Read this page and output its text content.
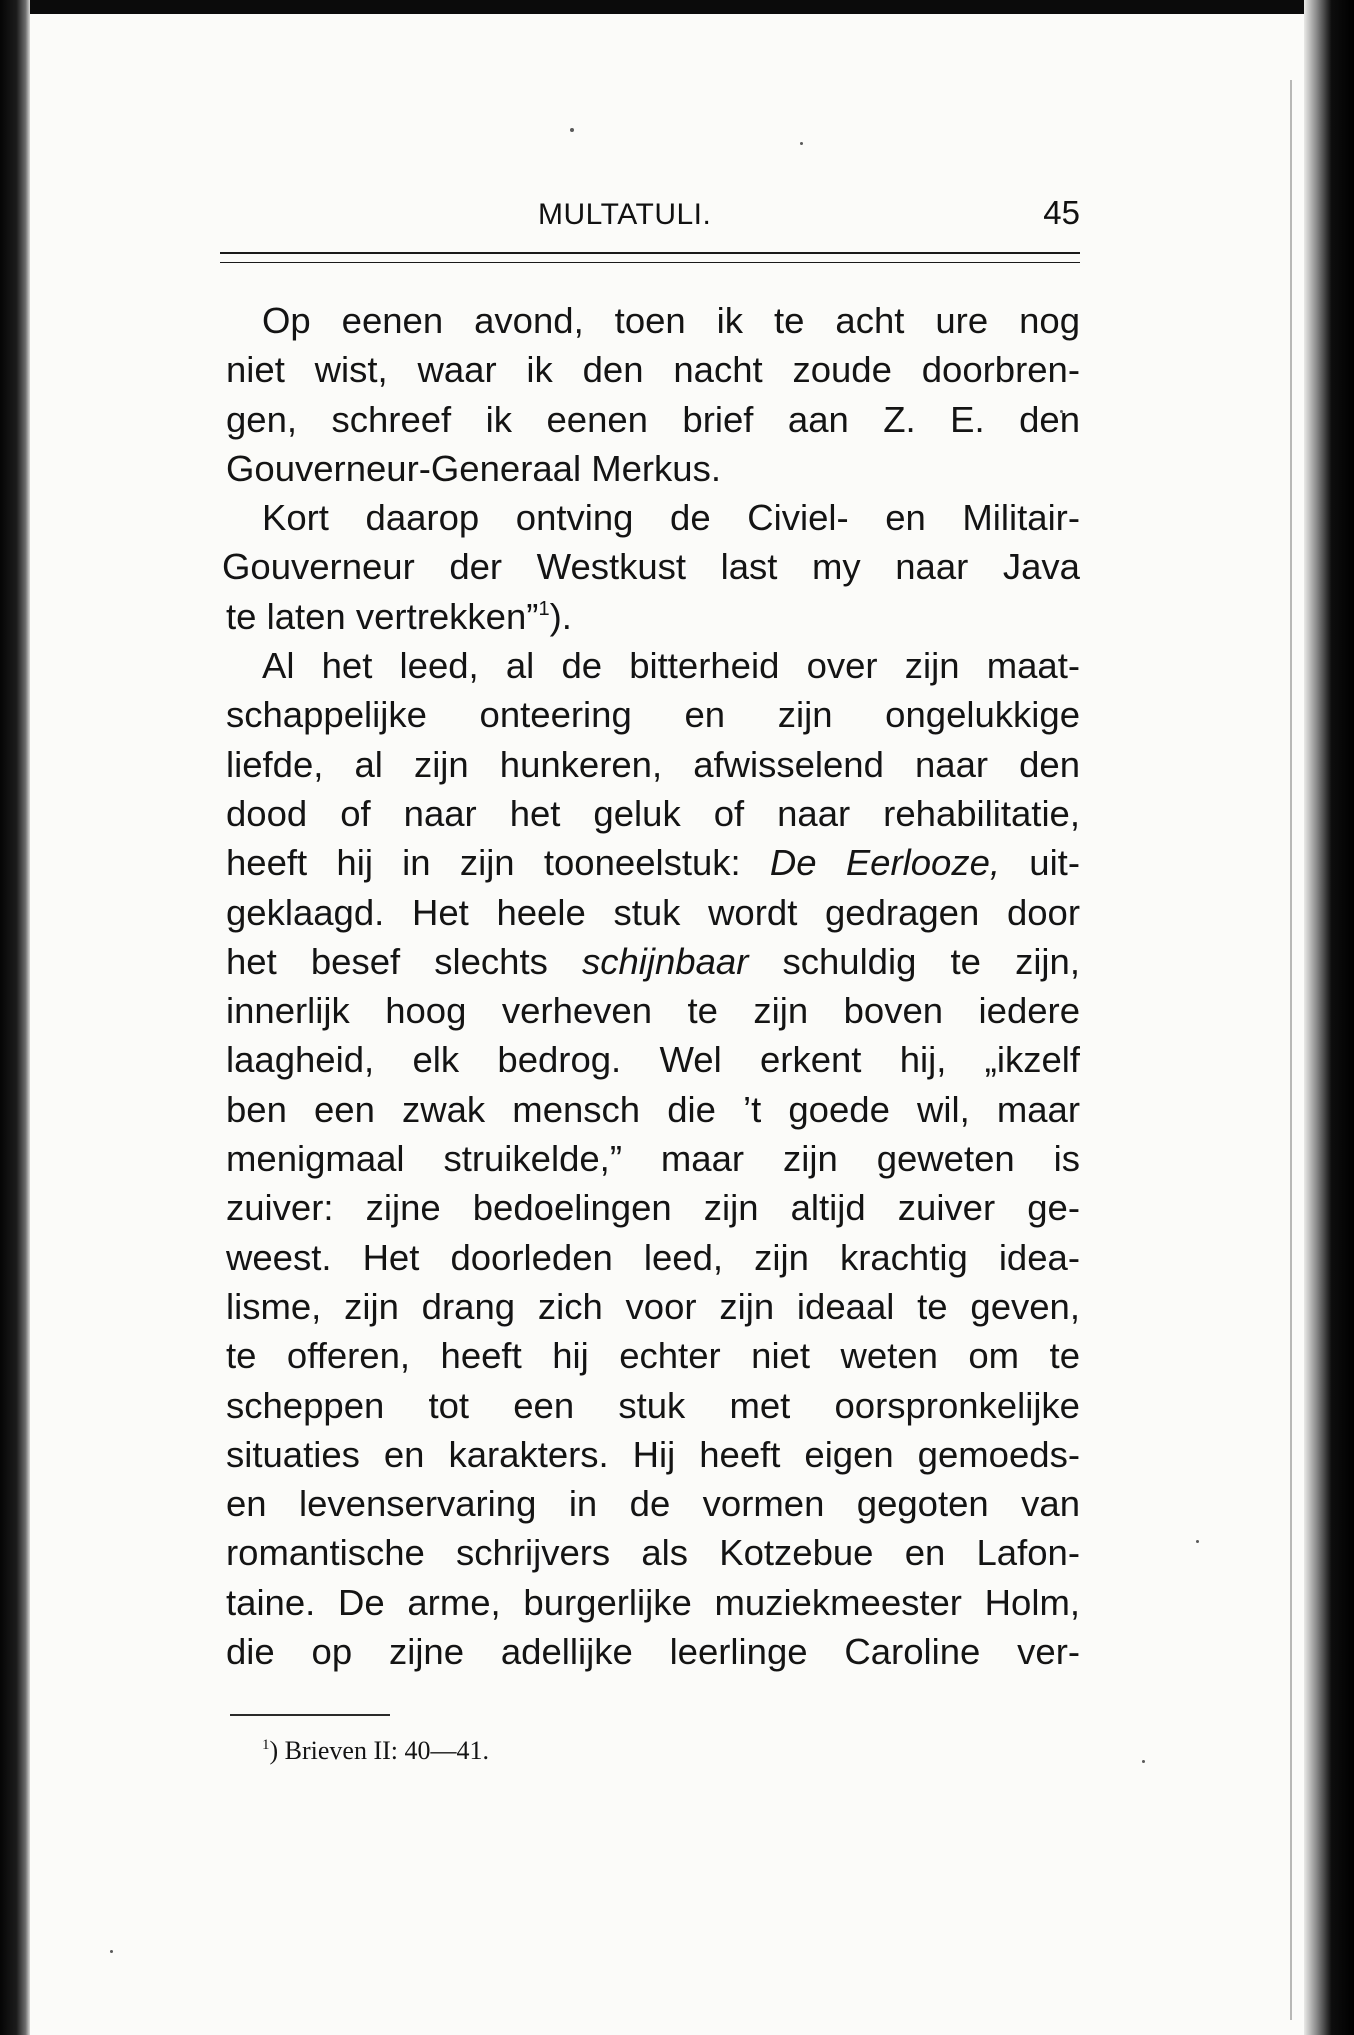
MULTATULI.	45
Op eenen avond, toen ik te acht ure nog
niet wist, waar ik den nacht zoude doorbren-
gen, schreef ik eenen brief aan Z. E. den
Gouverneur-Generaal Merkus.
Kort daarop ontving de Civiel- en Militair-
Gouverneur der Westkust last my naar Java
te laten vertrekken”$^1$).
Al het leed, al de bitterheid over zijn maat-
schappelijke onteering en zijn ongelukkige
liefde, al zijn hunkeren, afwisselend naar den
dood of naar het geluk of naar rehabilitatie,
heeft hij in zijn tooneelstuk: De Eerlooze, uit-
geklaagd. Het heele stuk wordt gedragen door
het besef slechts schijnbaar schuldig te zijn,
innerlijk hoog verheven te zijn boven iedere
laagheid, elk bedrog. Wel erkent hij, „ikzelf
ben een zwak mensch die ’t goede wil, maar
menigmaal struikelde,” maar zijn geweten is
zuiver: zijne bedoelingen zijn altijd zuiver ge-
weest. Het doorleden leed, zijn krachtig idea-
lisme, zijn drang zich voor zijn ideaal te geven,
te offeren, heeft hij echter niet weten om te
scheppen tot een stuk met oorspronkelijke
situaties en karakters. Hij heeft eigen gemoeds-
en levenservaring in de vormen gegoten van
romantische schrijvers als Kotzebue en Lafon-
taine. De arme, burgerlijke muziekmeester Holm,
die op zijne adellijke leerlinge Caroline ver-
$^1$) Brieven II: 40—41.
